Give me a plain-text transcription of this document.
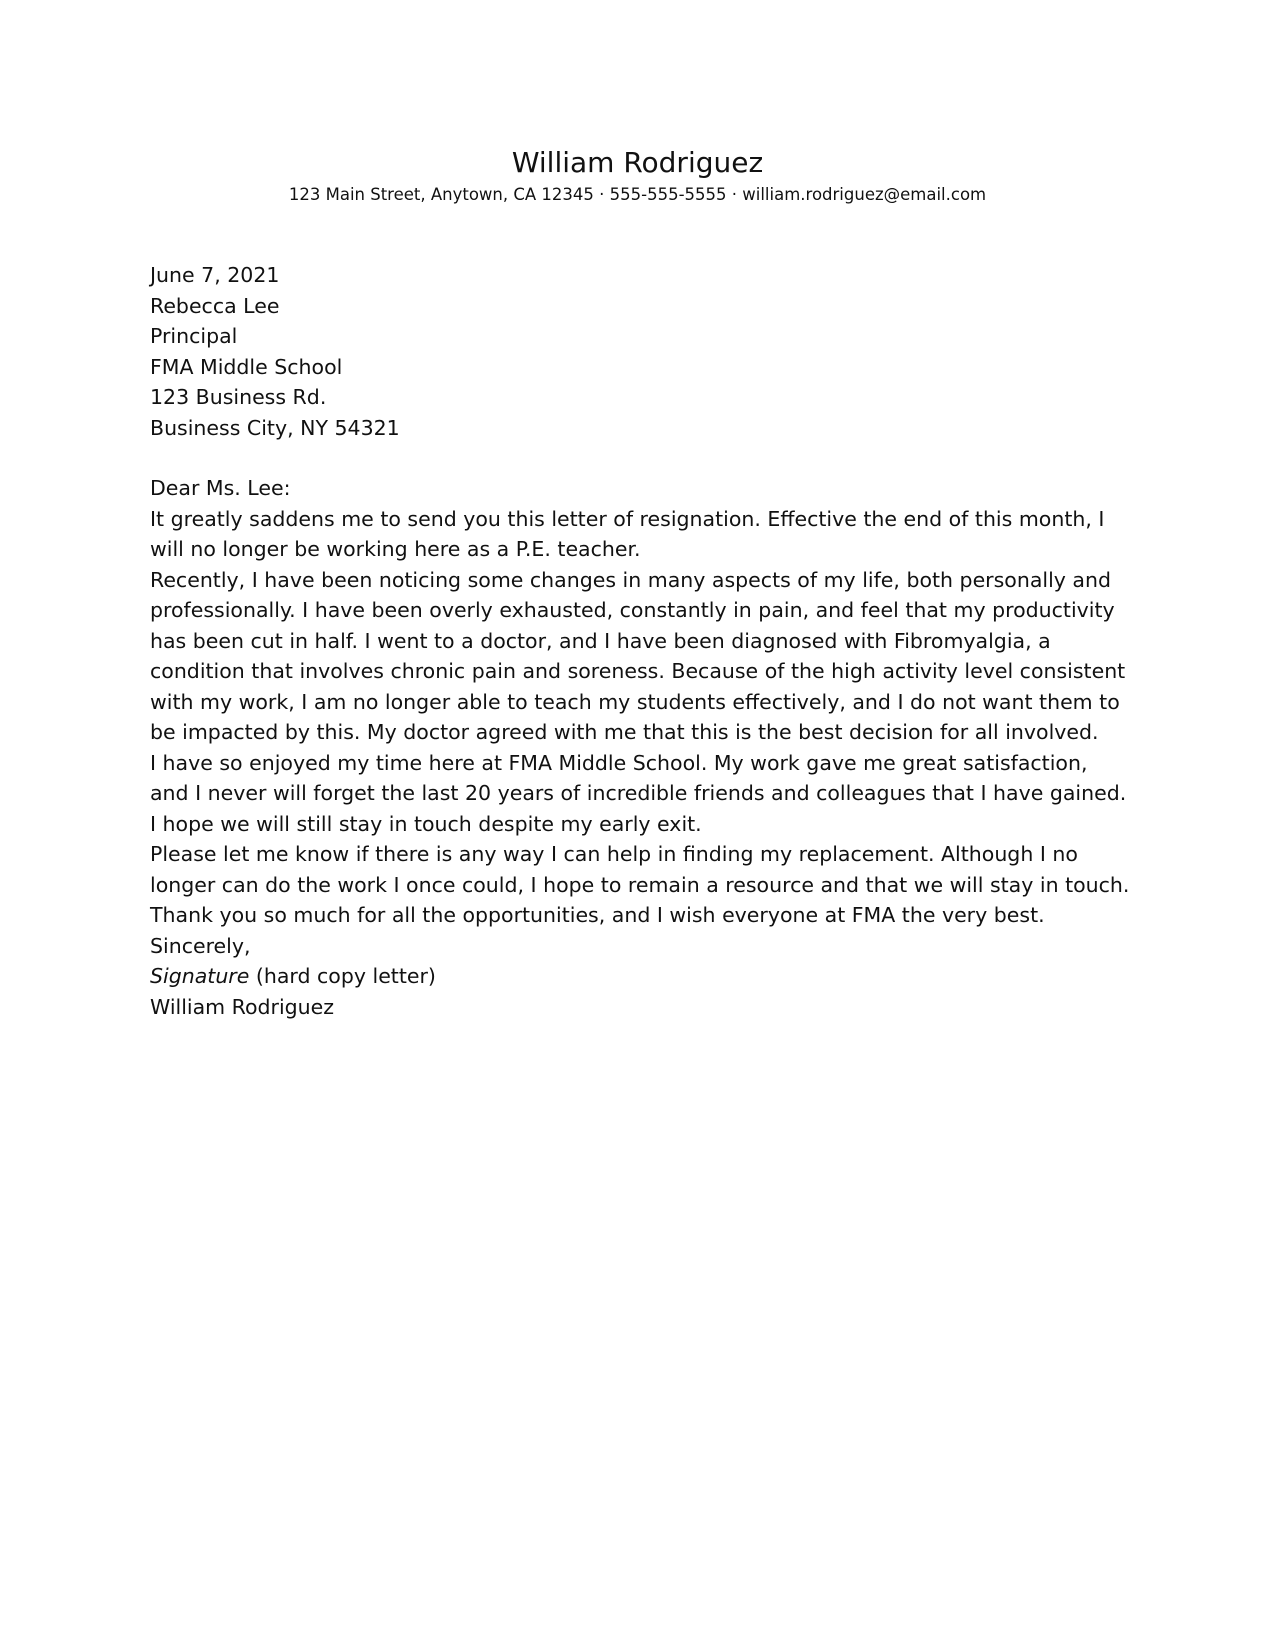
William Rodriguez
123 Main Street, Anytown, CA 12345 · 555-555-5555 · william.rodriguez@email.com

June 7, 2021

Rebecca Lee

Principal

FMA Middle School

123 Business Rd.

Business City, NY 54321

Dear Ms. Lee:

It greatly saddens me to send you this letter of resignation. Effective the end of this month, I will no longer be working here as a P.E. teacher.

Recently, I have been noticing some changes in many aspects of my life, both personally and professionally. I have been overly exhausted, constantly in pain, and feel that my productivity has been cut in half. I went to a doctor, and I have been diagnosed with Fibromyalgia, a condition that involves chronic pain and soreness. Because of the high activity level consistent with my work, I am no longer able to teach my students effectively, and I do not want them to be impacted by this. My doctor agreed with me that this is the best decision for all involved.

I have so enjoyed my time here at FMA Middle School. My work gave me great satisfaction, and I never will forget the last 20 years of incredible friends and colleagues that I have gained. I hope we will still stay in touch despite my early exit.

Please let me know if there is any way I can help in finding my replacement. Although I no longer can do the work I once could, I hope to remain a resource and that we will stay in touch. Thank you so much for all the opportunities, and I wish everyone at FMA the very best.

Sincerely,

Signature (hard copy letter)

William Rodriguez
